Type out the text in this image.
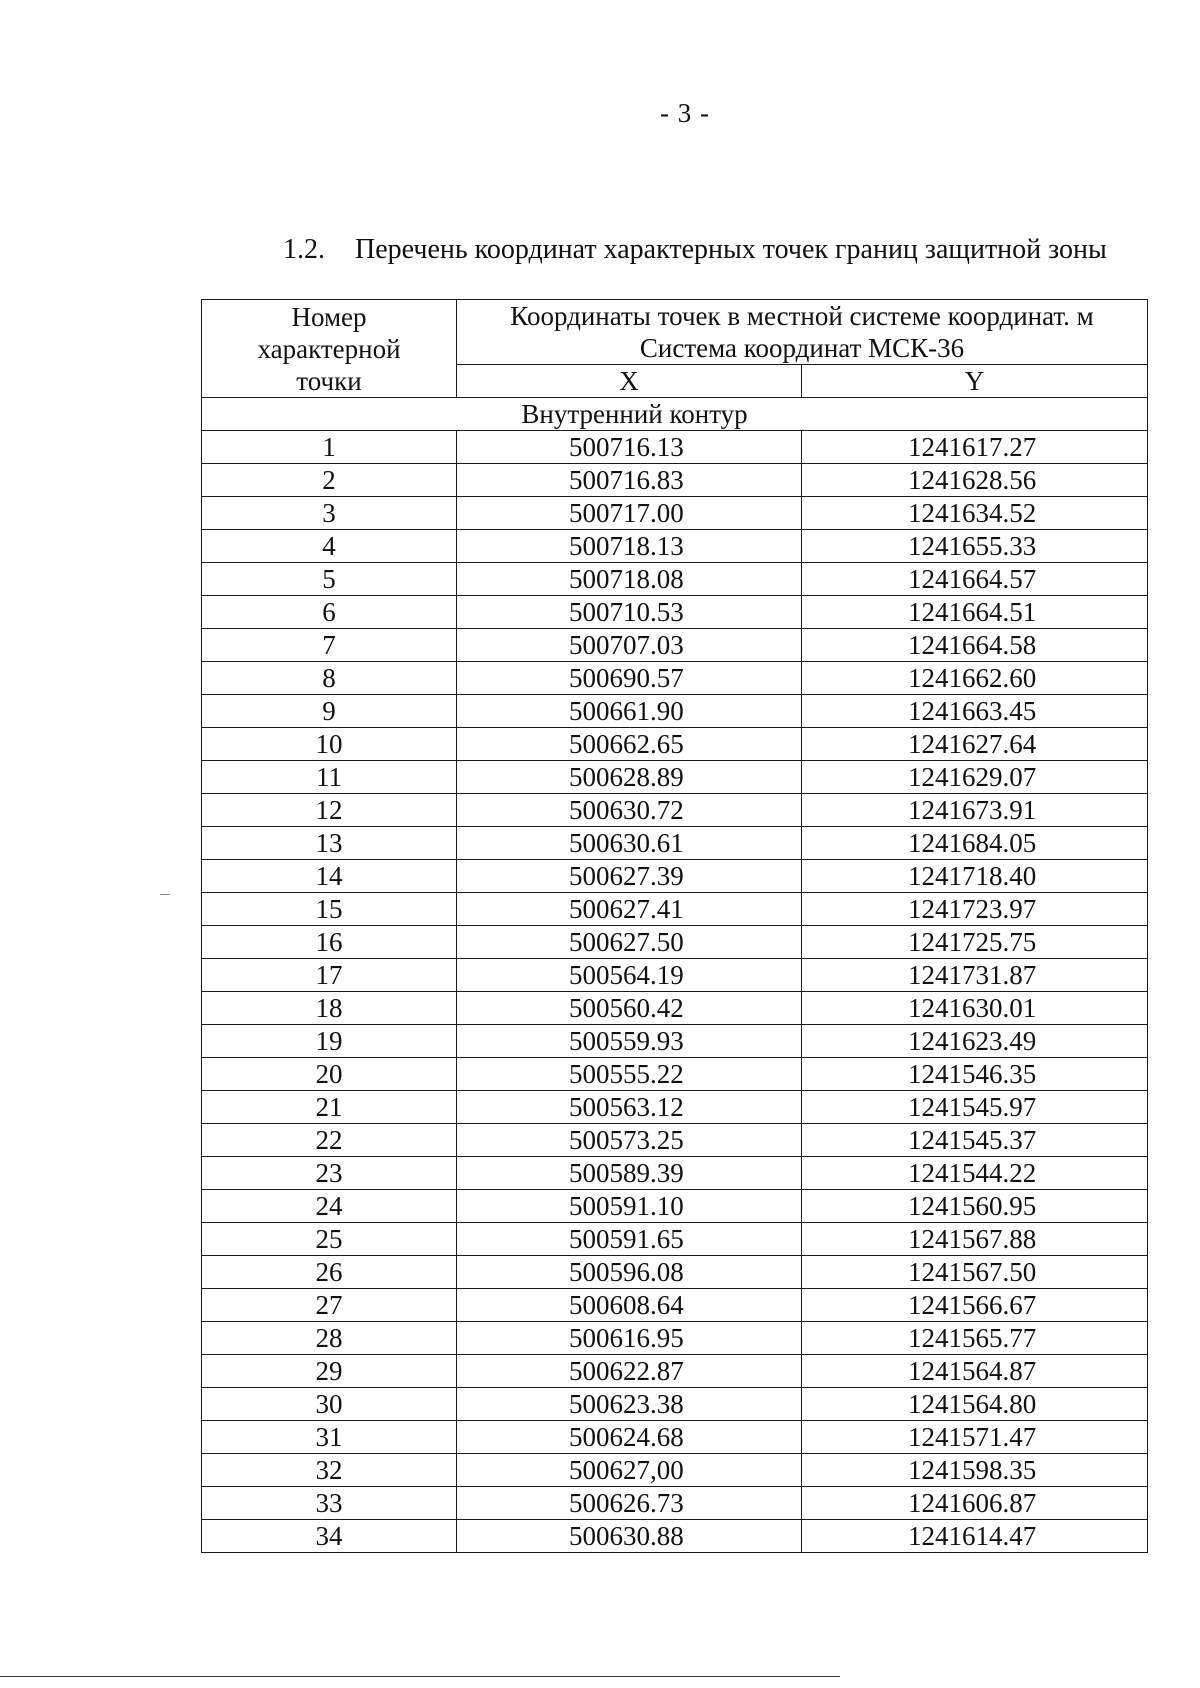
- 3 -
1.2. Перечень координат характерных точек границ защитной зоны
Номер
характерной
точки	Координаты точек в местной системе координат. м	
	Система координат МСК-36	
	X	Y
Внутренний контур		
1	500716.13	1241617.27
2	500716.83	1241628.56
3	500717.00	1241634.52
4	500718.13	1241655.33
5	500718.08	1241664.57
6	500710.53	1241664.51
7	500707.03	1241664.58
8	500690.57	1241662.60
9	500661.90	1241663.45
10	500662.65	1241627.64
11	500628.89	1241629.07
12	500630.72	1241673.91
13	500630.61	1241684.05
14	500627.39	1241718.40
15	500627.41	1241723.97
16	500627.50	1241725.75
17	500564.19	1241731.87
18	500560.42	1241630.01
19	500559.93	1241623.49
20	500555.22	1241546.35
21	500563.12	1241545.97
22	500573.25	1241545.37
23	500589.39	1241544.22
24	500591.10	1241560.95
25	500591.65	1241567.88
26	500596.08	1241567.50
27	500608.64	1241566.67
28	500616.95	1241565.77
29	500622.87	1241564.87
30	500623.38	1241564.80
31	500624.68	1241571.47
32	500627,00	1241598.35
33	500626.73	1241606.87
34	500630.88	1241614.47
